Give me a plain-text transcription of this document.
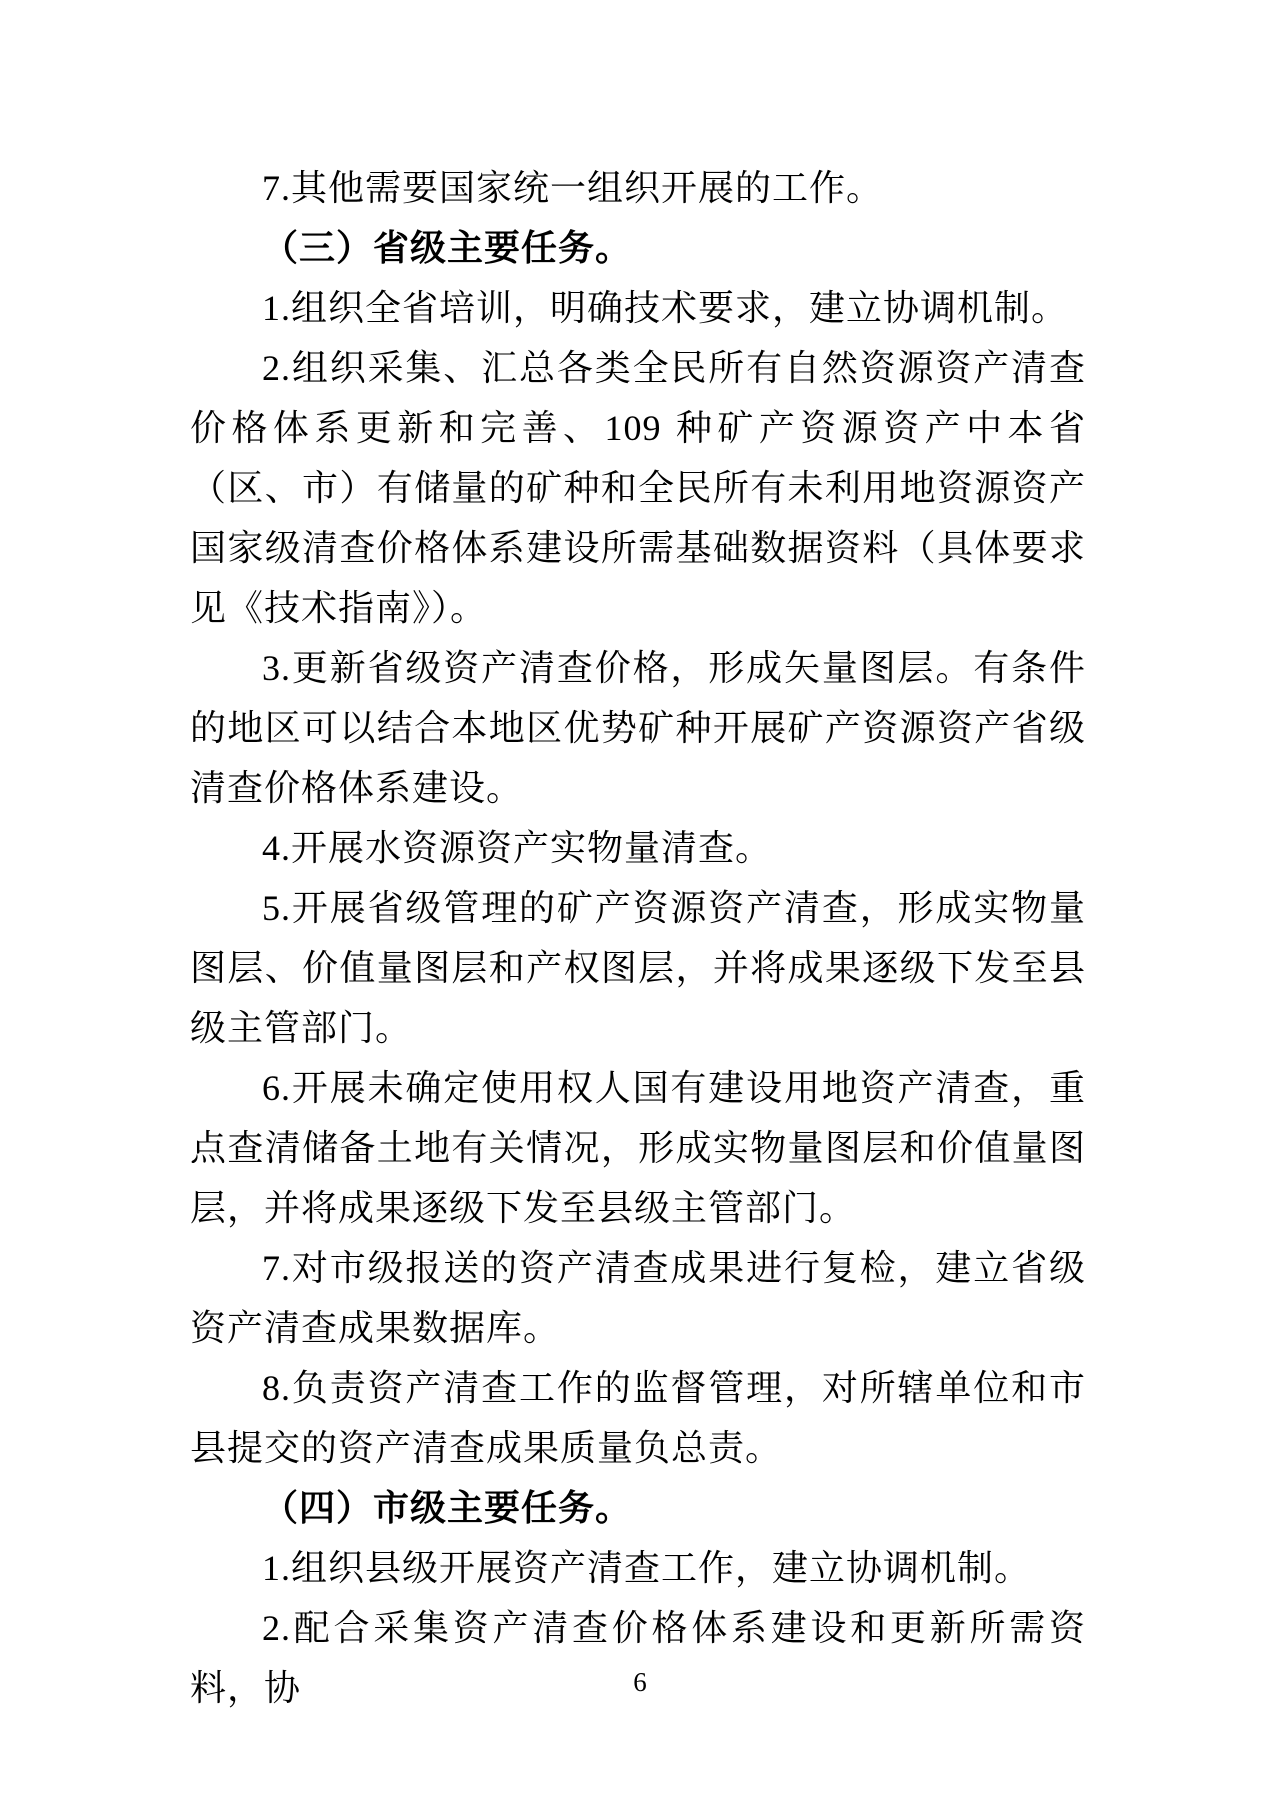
7.其他需要国家统一组织开展的工作。

（三）省级主要任务。

1.组织全省培训，明确技术要求，建立协调机制。

2.组织采集、汇总各类全民所有自然资源资产清查价格体系更新和完善、109 种矿产资源资产中本省（区、市）有储量的矿种和全民所有未利用地资源资产国家级清查价格体系建设所需基础数据资料（具体要求见《技术指南》）。

3.更新省级资产清查价格，形成矢量图层。有条件的地区可以结合本地区优势矿种开展矿产资源资产省级清查价格体系建设。

4.开展水资源资产实物量清查。

5.开展省级管理的矿产资源资产清查，形成实物量图层、价值量图层和产权图层，并将成果逐级下发至县级主管部门。

6.开展未确定使用权人国有建设用地资产清查，重点查清储备土地有关情况，形成实物量图层和价值量图层，并将成果逐级下发至县级主管部门。

7.对市级报送的资产清查成果进行复检，建立省级资产清查成果数据库。

8.负责资产清查工作的监督管理，对所辖单位和市县提交的资产清查成果质量负总责。

（四）市级主要任务。

1.组织县级开展资产清查工作，建立协调机制。

2.配合采集资产清查价格体系建设和更新所需资料，协	6
